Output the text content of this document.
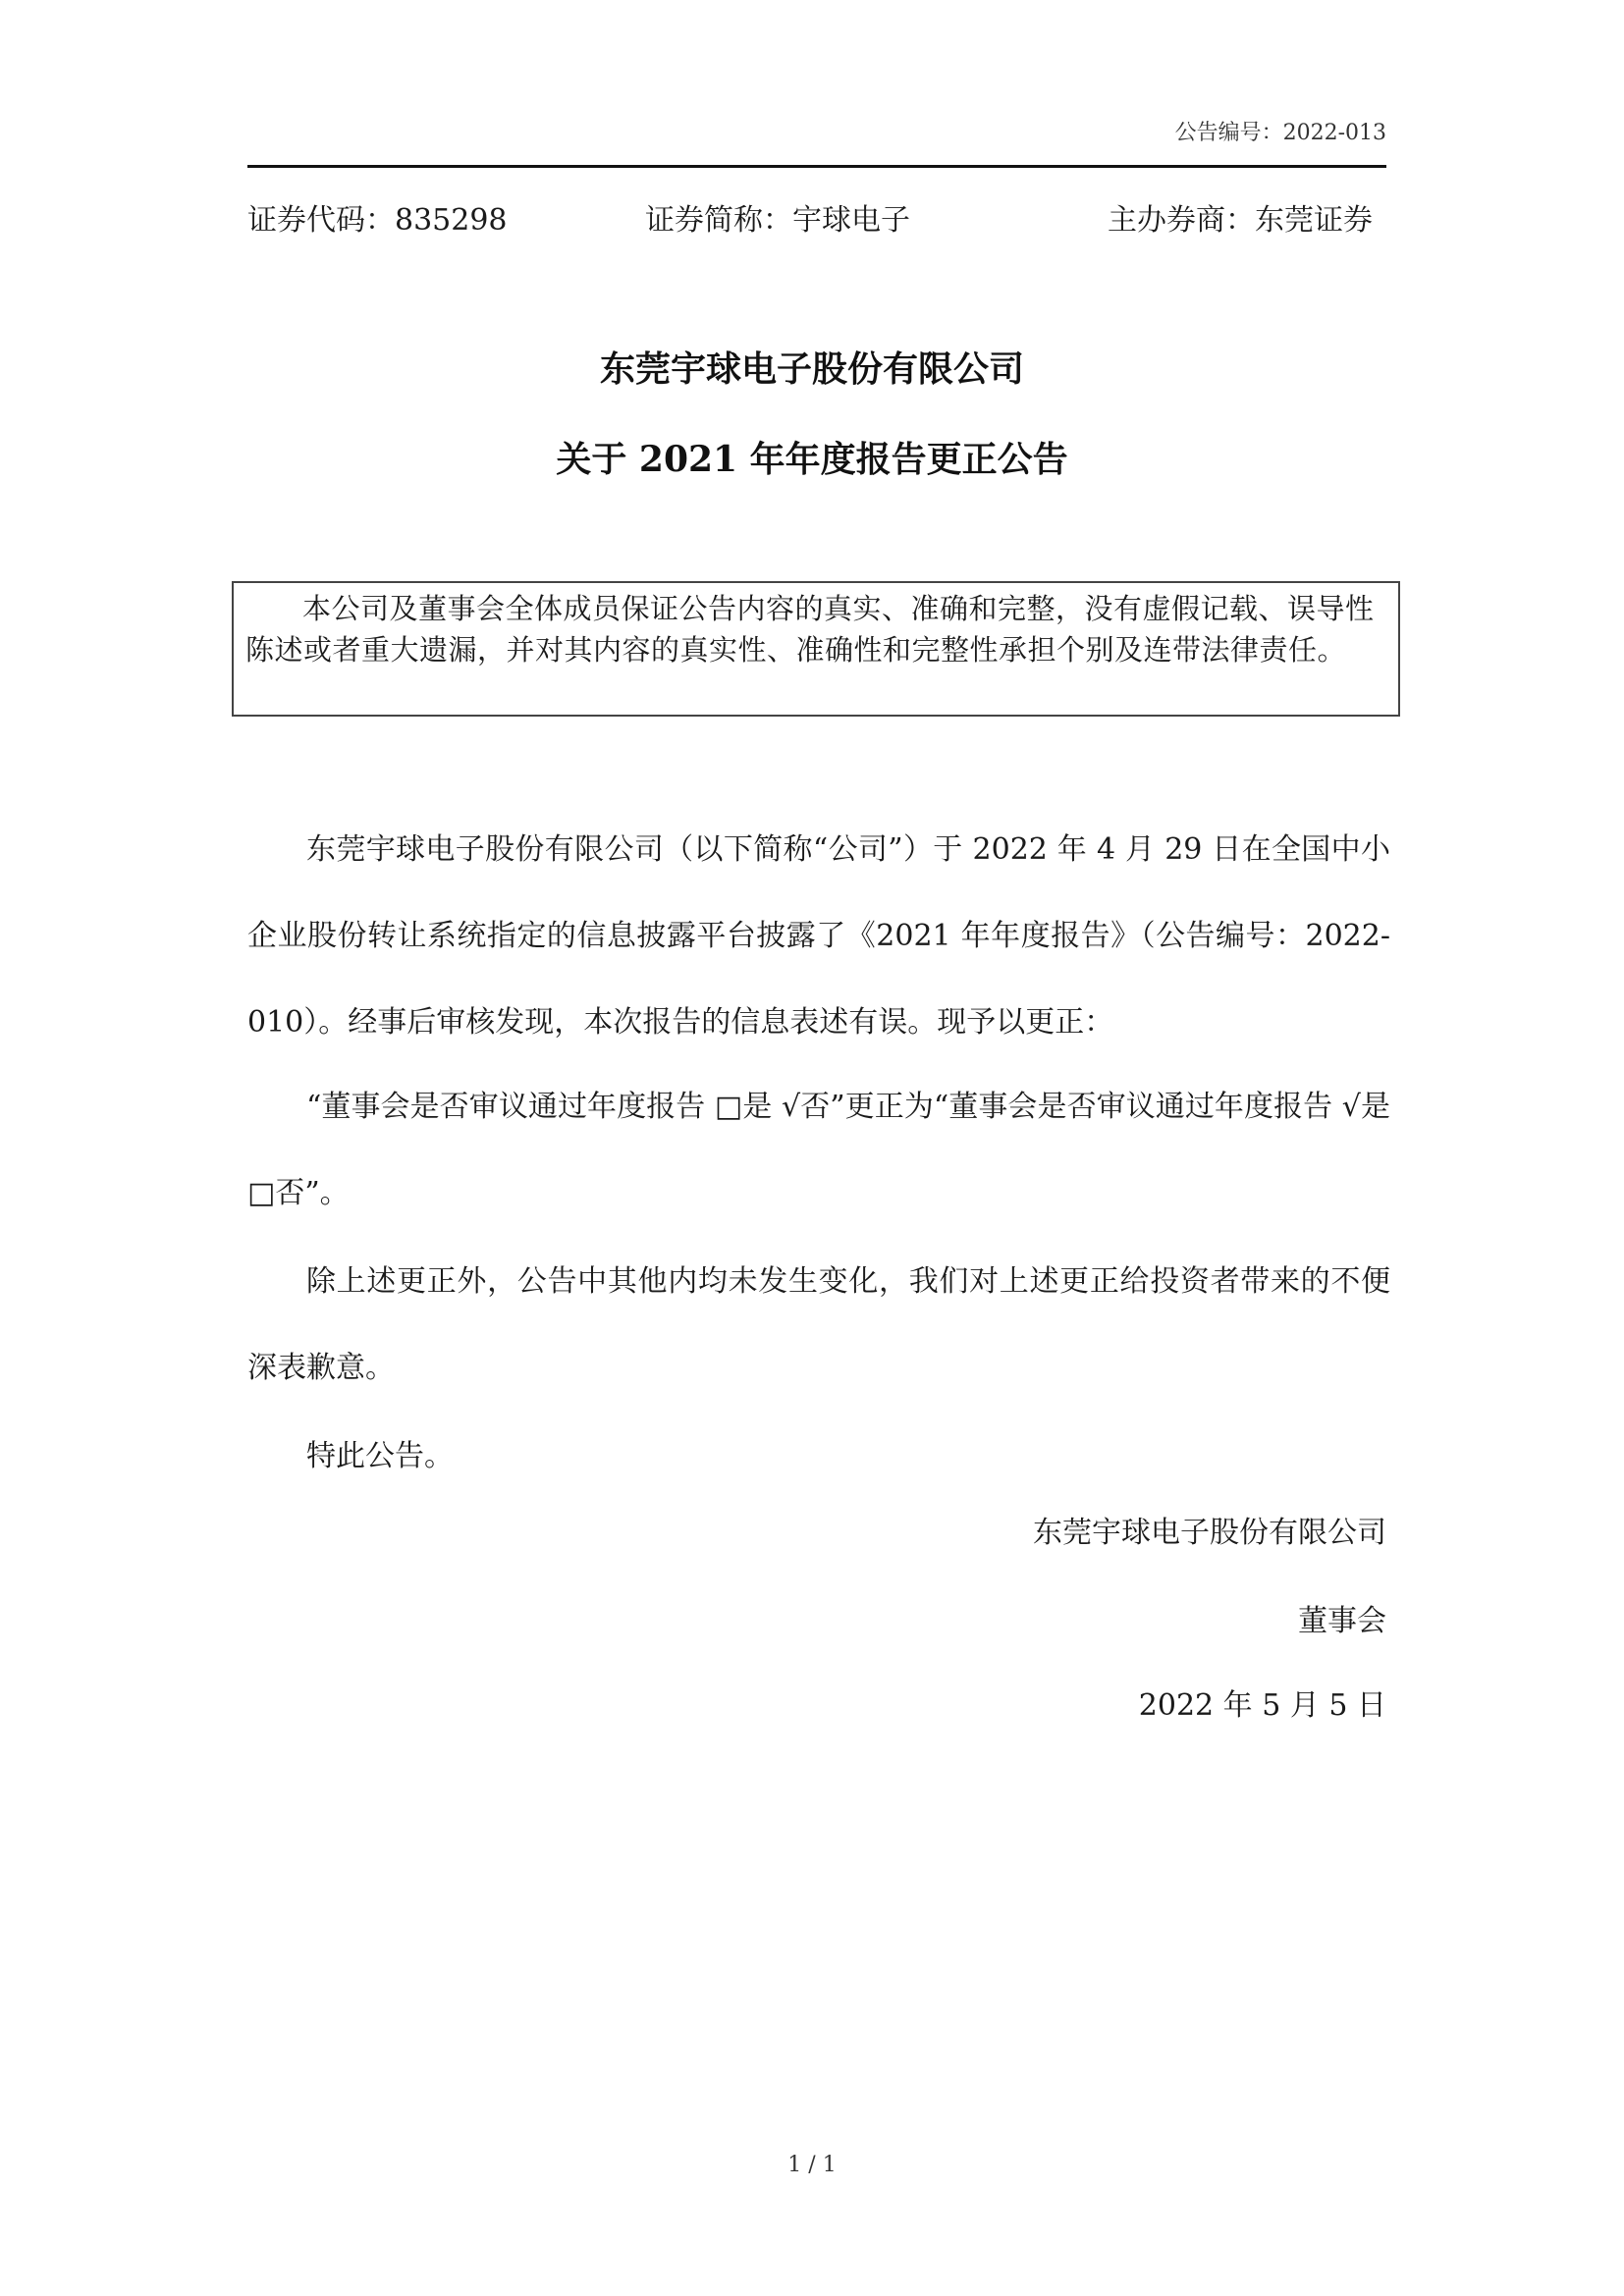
公告编号：2022-013
证券代码：835298	证券简称：宇球电子	主办券商：东莞证券
东莞宇球电子股份有限公司
关于 2021 年年度报告更正公告
本公司及董事会全体成员保证公告内容的真实、准确和完整，没有虚假记载、误导性陈述或者重大遗漏，并对其内容的真实性、准确性和完整性承担个别及连带法律责任。

东莞宇球电子股份有限公司（以下简称“公司”）于 2022 年 4 月 29 日在全国中小企业股份转让系统指定的信息披露平台披露了《2021 年年度报告》（公告编号：2022-010）。经事后审核发现，本次报告的信息表述有误。现予以更正：

“董事会是否审议通过年度报告 □是 √否”更正为“董事会是否审议通过年度报告 √是 □否”。

除上述更正外，公告中其他内均未发生变化，我们对上述更正给投资者带来的不便深表歉意。

特此公告。

东莞宇球电子股份有限公司
董事会
2022 年 5 月 5 日
1 / 1
